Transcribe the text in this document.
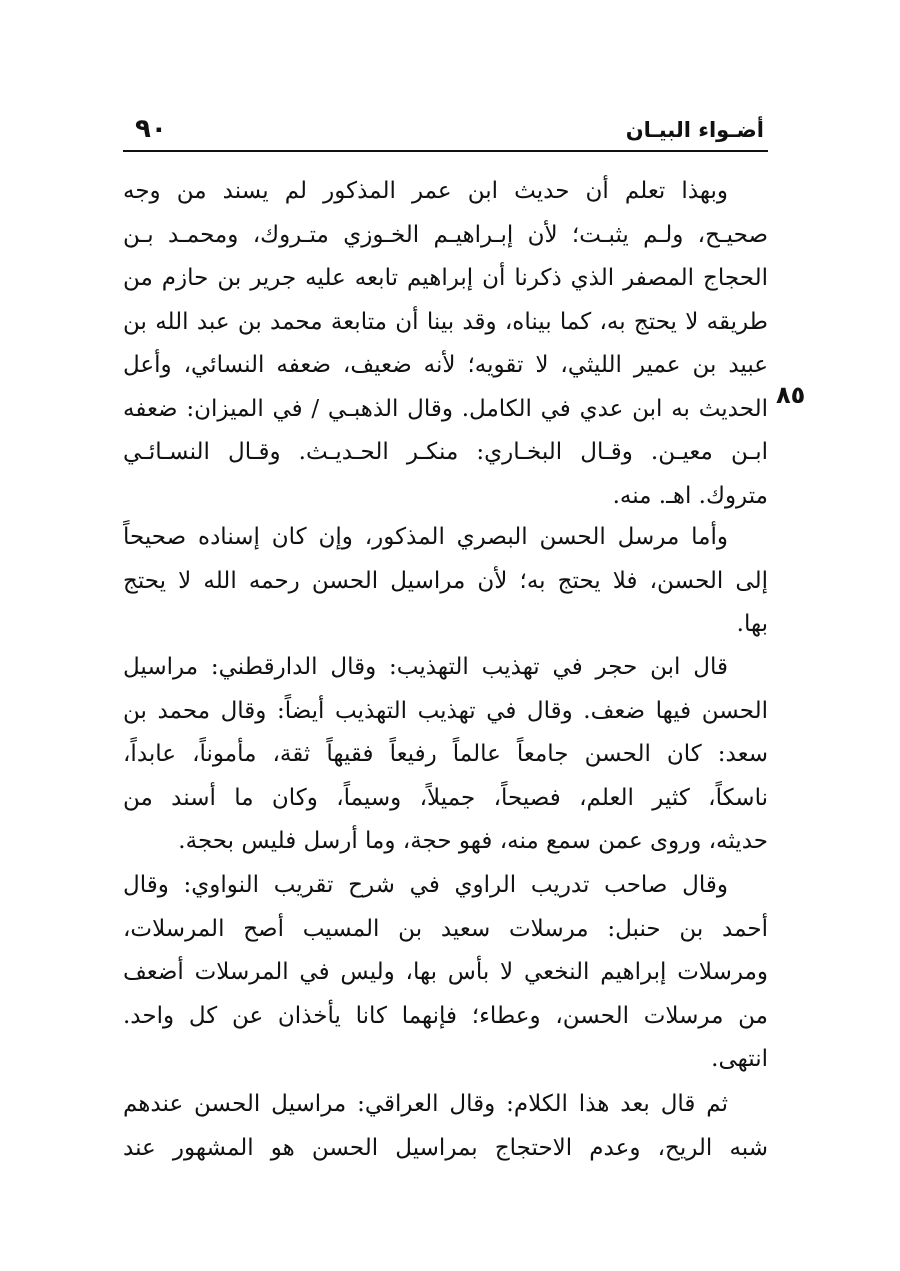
أضـواء البيـان
٩٠
٨٥
وبهذا تعلم أن حديث ابن عمر المذكور لم يسند من وجه
صحيـح، ولـم يثبـت؛ لأن إبـراهيـم الخـوزي متـروك، ومحمـد بـن
الحجاج المصفر الذي ذكرنا أن إبراهيم تابعه عليه جرير بن حازم من
طريقه لا يحتج به، كما بيناه، وقد بينا أن متابعة محمد بن عبد الله بن
عبيد بن عمير الليثي، لا تقويه؛ لأنه ضعيف، ضعفه النسائي، وأعل
الحديث به ابن عدي في الكامل. وقال الذهبـي / في الميزان: ضعفه
ابـن معيـن. وقـال البخـاري: منكـر الحـديـث. وقـال النسـائـي
متروك. اهـ. منه.
وأما مرسل الحسن البصري المذكور، وإن كان إسناده صحيحاً
إلى الحسن، فلا يحتج به؛ لأن مراسيل الحسن رحمه الله لا يحتج
بها.
قال ابن حجر في تهذيب التهذيب: وقال الدارقطني: مراسيل
الحسن فيها ضعف. وقال في تهذيب التهذيب أيضاً: وقال محمد بن
سعد: كان الحسن جامعاً عالماً رفيعاً فقيهاً ثقة، مأموناً، عابداً،
ناسكاً، كثير العلم، فصيحاً، جميلاً، وسيماً، وكان ما أسند من
حديثه، وروى عمن سمع منه، فهو حجة، وما أرسل فليس بحجة.
وقال صاحب تدريب الراوي في شرح تقريب النواوي: وقال
أحمد بن حنبل: مرسلات سعيد بن المسيب أصح المرسلات،
ومرسلات إبراهيم النخعي لا بأس بها، وليس في المرسلات أضعف
من مرسلات الحسن، وعطاء؛ فإنهما كانا يأخذان عن كل واحد.
انتهى.
ثم قال بعد هذا الكلام: وقال العراقي: مراسيل الحسن عندهم
شبه الريح، وعدم الاحتجاج بمراسيل الحسن هو المشهور عند
